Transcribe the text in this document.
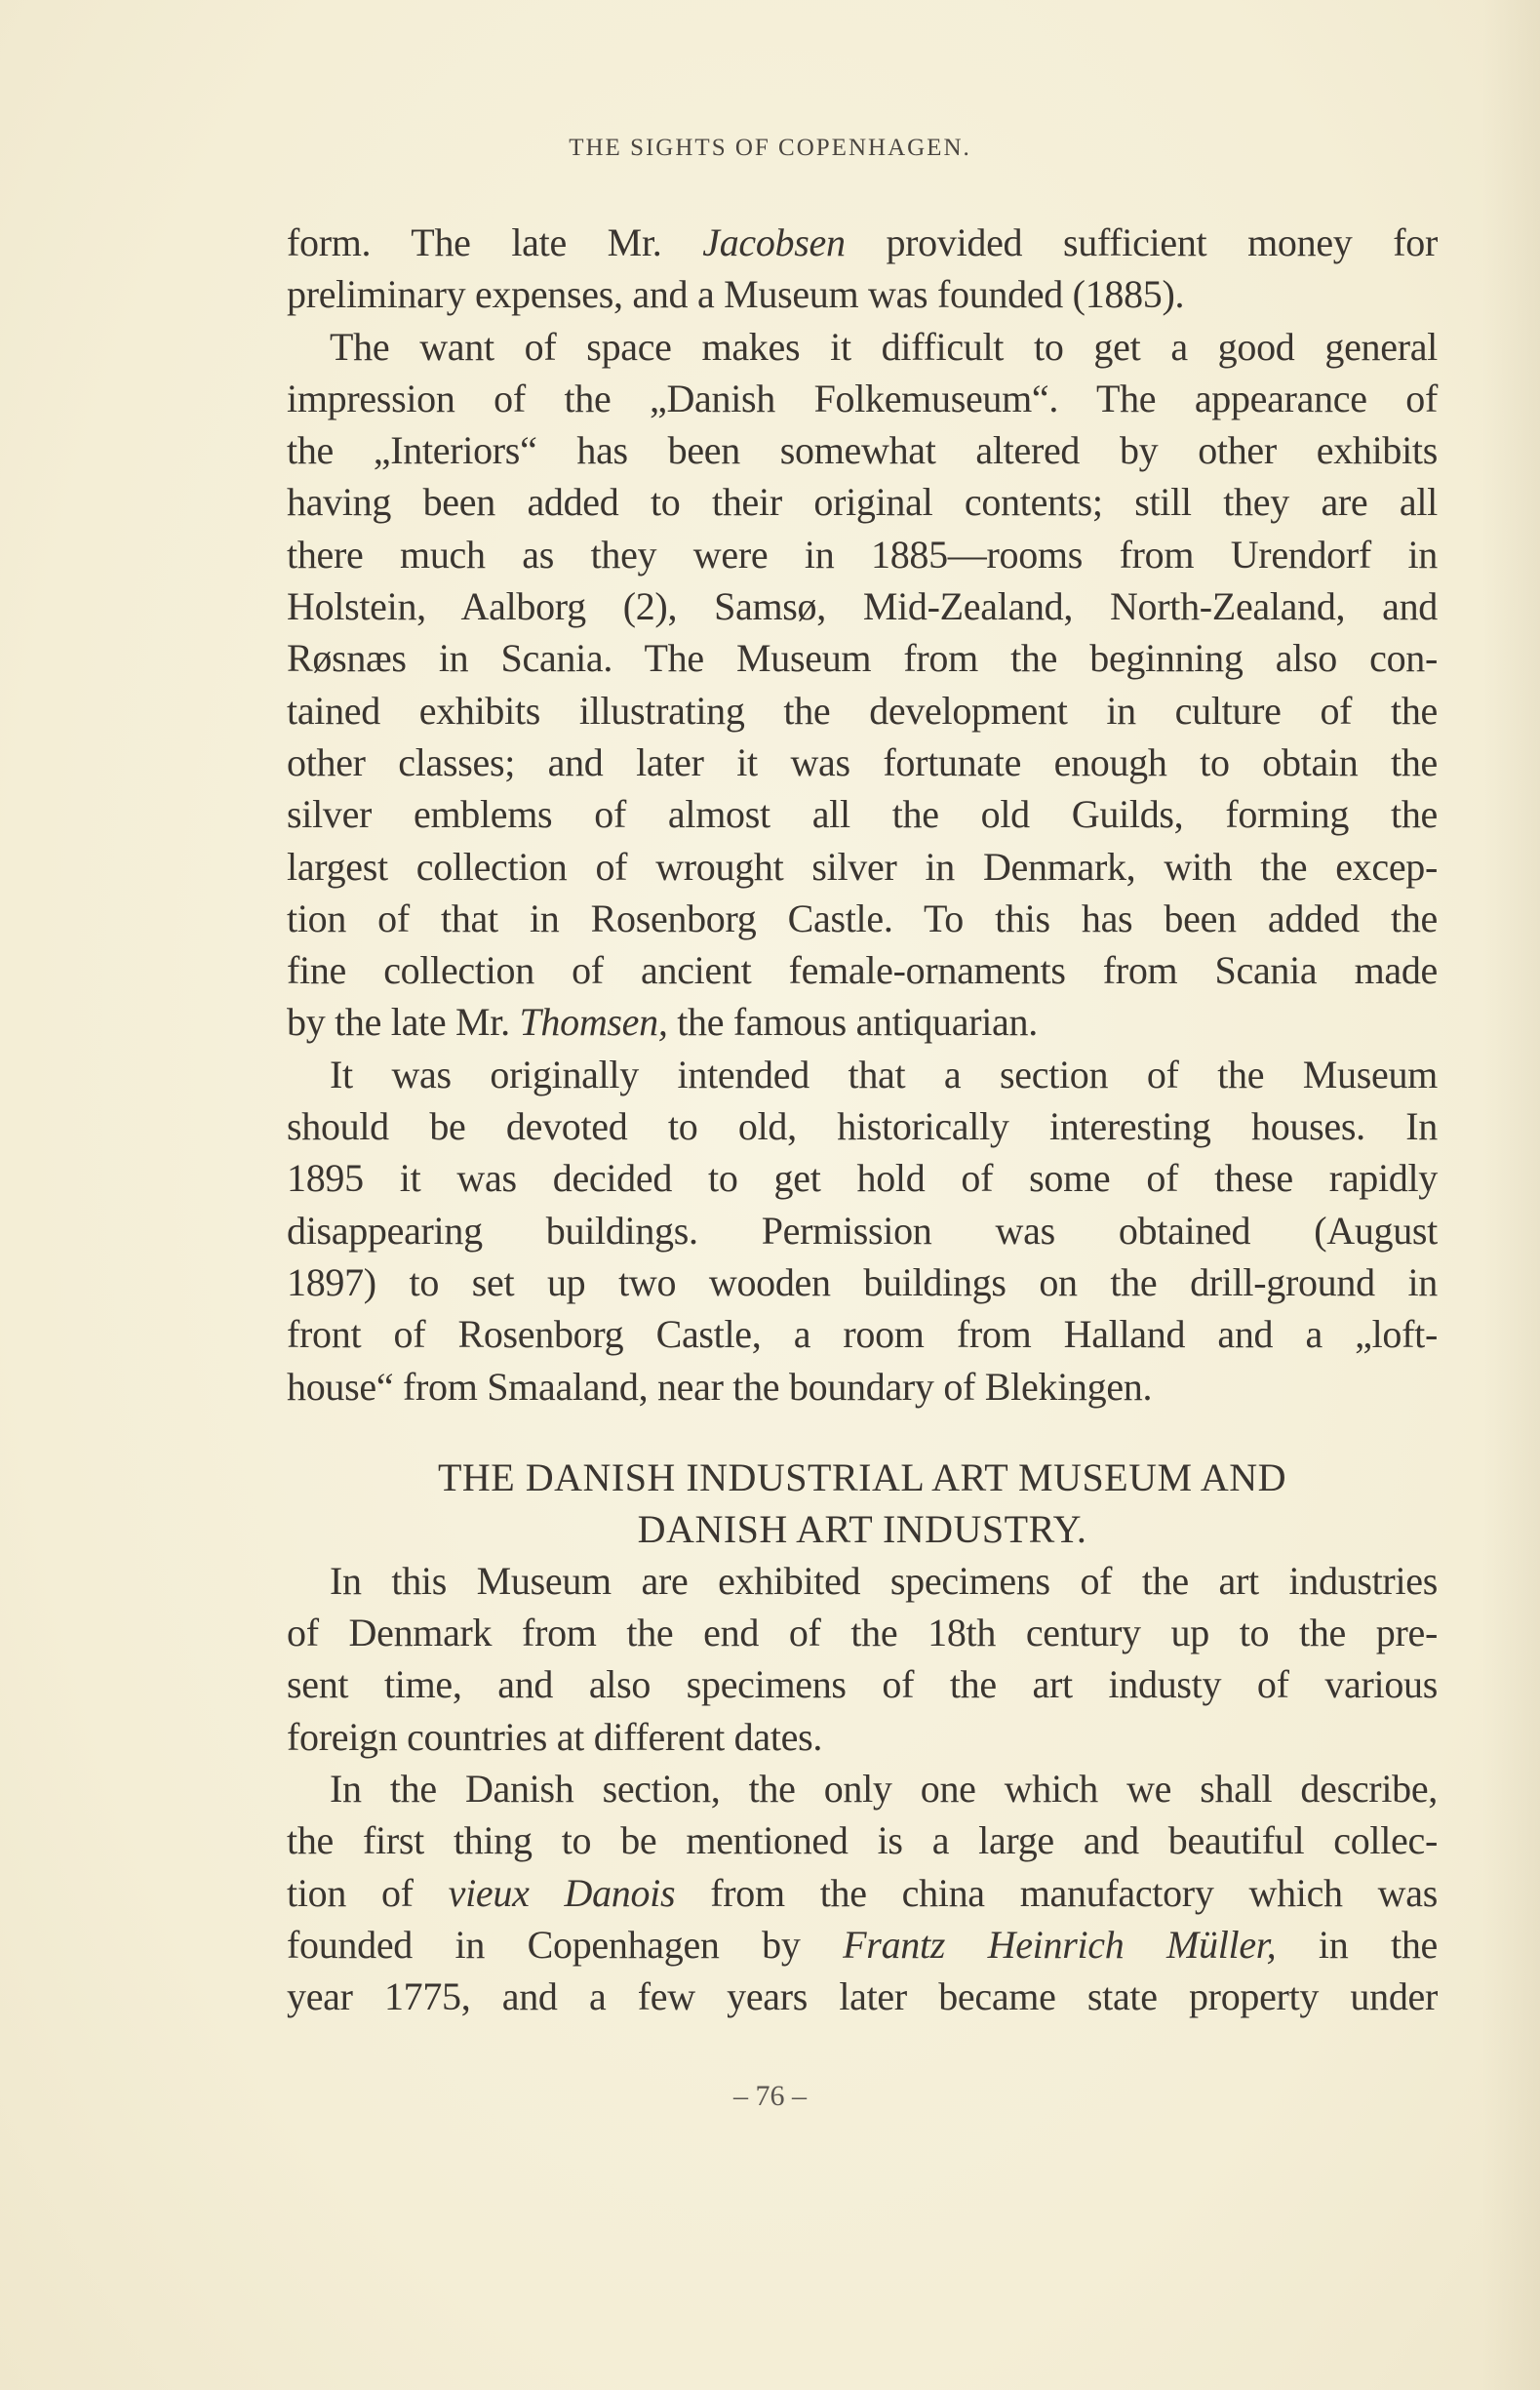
THE SIGHTS OF COPENHAGEN.
form. The late Mr. Jacobsen provided sufficient money for
preliminary expenses, and a Museum was founded (1885).
The want of space makes it difficult to get a good general
impression of the „Danish Folkemuseum“. The appearance of
the „Interiors“ has been somewhat altered by other exhibits
having been added to their original contents; still they are all
there much as they were in 1885—rooms from Urendorf in
Holstein, Aalborg (2), Samsø, Mid-Zealand, North-Zealand, and
Røsnæs in Scania. The Museum from the beginning also con-
tained exhibits illustrating the development in culture of the
other classes; and later it was fortunate enough to obtain the
silver emblems of almost all the old Guilds, forming the
largest collection of wrought silver in Denmark, with the excep-
tion of that in Rosenborg Castle. To this has been added the
fine collection of ancient female-ornaments from Scania made
by the late Mr. Thomsen, the famous antiquarian.
It was originally intended that a section of the Museum
should be devoted to old, historically interesting houses. In
1895 it was decided to get hold of some of these rapidly
disappearing buildings. Permission was obtained (August
1897) to set up two wooden buildings on the drill-ground in
front of Rosenborg Castle, a room from Halland and a „loft-
house“ from Smaaland, near the boundary of Blekingen.
THE DANISH INDUSTRIAL ART MUSEUM AND
DANISH ART INDUSTRY.
In this Museum are exhibited specimens of the art industries
of Denmark from the end of the 18th century up to the pre-
sent time, and also specimens of the art industy of various
foreign countries at different dates.
In the Danish section, the only one which we shall describe,
the first thing to be mentioned is a large and beautiful collec-
tion of vieux Danois from the china manufactory which was
founded in Copenhagen by Frantz Heinrich Müller, in the
year 1775, and a few years later became state property under
– 76 –
